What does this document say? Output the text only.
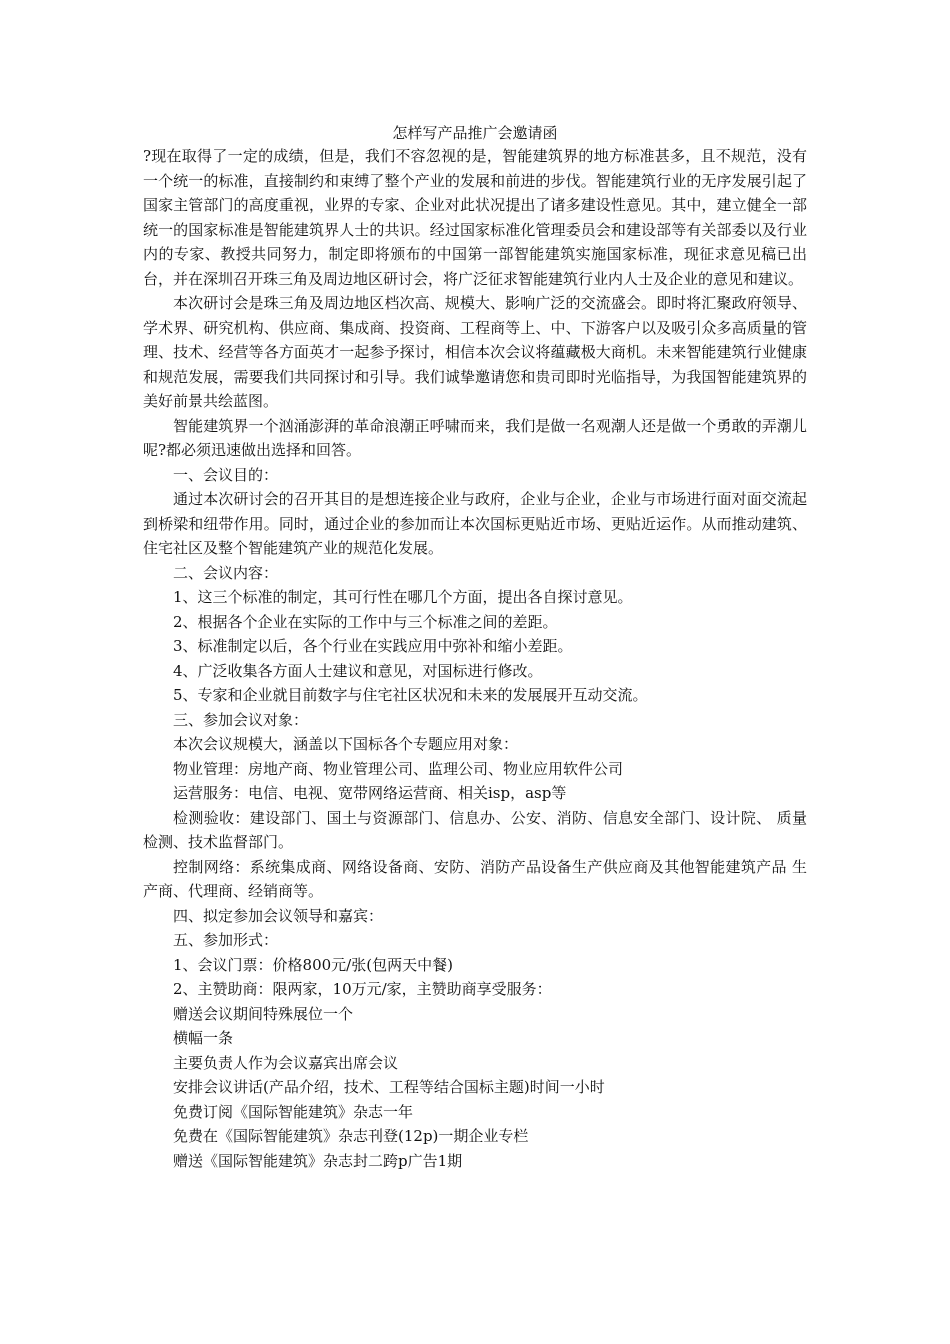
怎样写产品推广会邀请函

?现在取得了一定的成绩，但是，我们不容忽视的是，智能建筑界的地方标准甚多，且不规范，没有一个统一的标准，直接制约和束缚了整个产业的发展和前进的步伐。智能建筑行业的无序发展引起了国家主管部门的高度重视，业界的专家、企业对此状况提出了诸多建设性意见。其中，建立健全一部统一的国家标准是智能建筑界人士的共识。经过国家标准化管理委员会和建设部等有关部委以及行业内的专家、教授共同努力，制定即将颁布的中国第一部智能建筑实施国家标准，现征求意见稿已出台，并在深圳召开珠三角及周边地区研讨会，将广泛征求智能建筑行业内人士及企业的意见和建议。

本次研讨会是珠三角及周边地区档次高、规模大、影响广泛的交流盛会。即时将汇聚政府领导、学术界、研究机构、供应商、集成商、投资商、工程商等上、中、下游客户以及吸引众多高质量的管理、技术、经营等各方面英才一起参予探讨，相信本次会议将蕴藏极大商机。未来智能建筑行业健康和规范发展，需要我们共同探讨和引导。我们诚挚邀请您和贵司即时光临指导，为我国智能建筑界的美好前景共绘蓝图。

智能建筑界一个汹涌澎湃的革命浪潮正呼啸而来，我们是做一名观潮人还是做一个勇敢的弄潮儿呢?都必须迅速做出选择和回答。

一、会议目的：

通过本次研讨会的召开其目的是想连接企业与政府，企业与企业，企业与市场进行面对面交流起到桥梁和纽带作用。同时，通过企业的参加而让本次国标更贴近市场、更贴近运作。从而推动建筑、住宅社区及整个智能建筑产业的规范化发展。

二、会议内容：

1、这三个标准的制定，其可行性在哪几个方面，提出各自探讨意见。

2、根据各个企业在实际的工作中与三个标准之间的差距。

3、标准制定以后，各个行业在实践应用中弥补和缩小差距。

4、广泛收集各方面人士建议和意见，对国标进行修改。

5、专家和企业就目前数字与住宅社区状况和未来的发展展开互动交流。

三、参加会议对象：

本次会议规模大，涵盖以下国标各个专题应用对象：

物业管理：房地产商、物业管理公司、监理公司、物业应用软件公司

运营服务：电信、电视、宽带网络运营商、相关isp，asp等

检测验收：建设部门、国土与资源部门、信息办、公安、消防、信息安全部门、设计院、 质量检测、技术监督部门。

控制网络：系统集成商、网络设备商、安防、消防产品设备生产供应商及其他智能建筑产品 生产商、代理商、经销商等。

四、拟定参加会议领导和嘉宾：

五、参加形式：

1、会议门票：价格800元/张(包两天中餐)

2、主赞助商：限两家，10万元/家，主赞助商享受服务：

赠送会议期间特殊展位一个

横幅一条

主要负责人作为会议嘉宾出席会议

安排会议讲话(产品介绍，技术、工程等结合国标主题)时间一小时

免费订阅《国际智能建筑》杂志一年

免费在《国际智能建筑》杂志刊登(12p)一期企业专栏

赠送《国际智能建筑》杂志封二跨p广告1期
